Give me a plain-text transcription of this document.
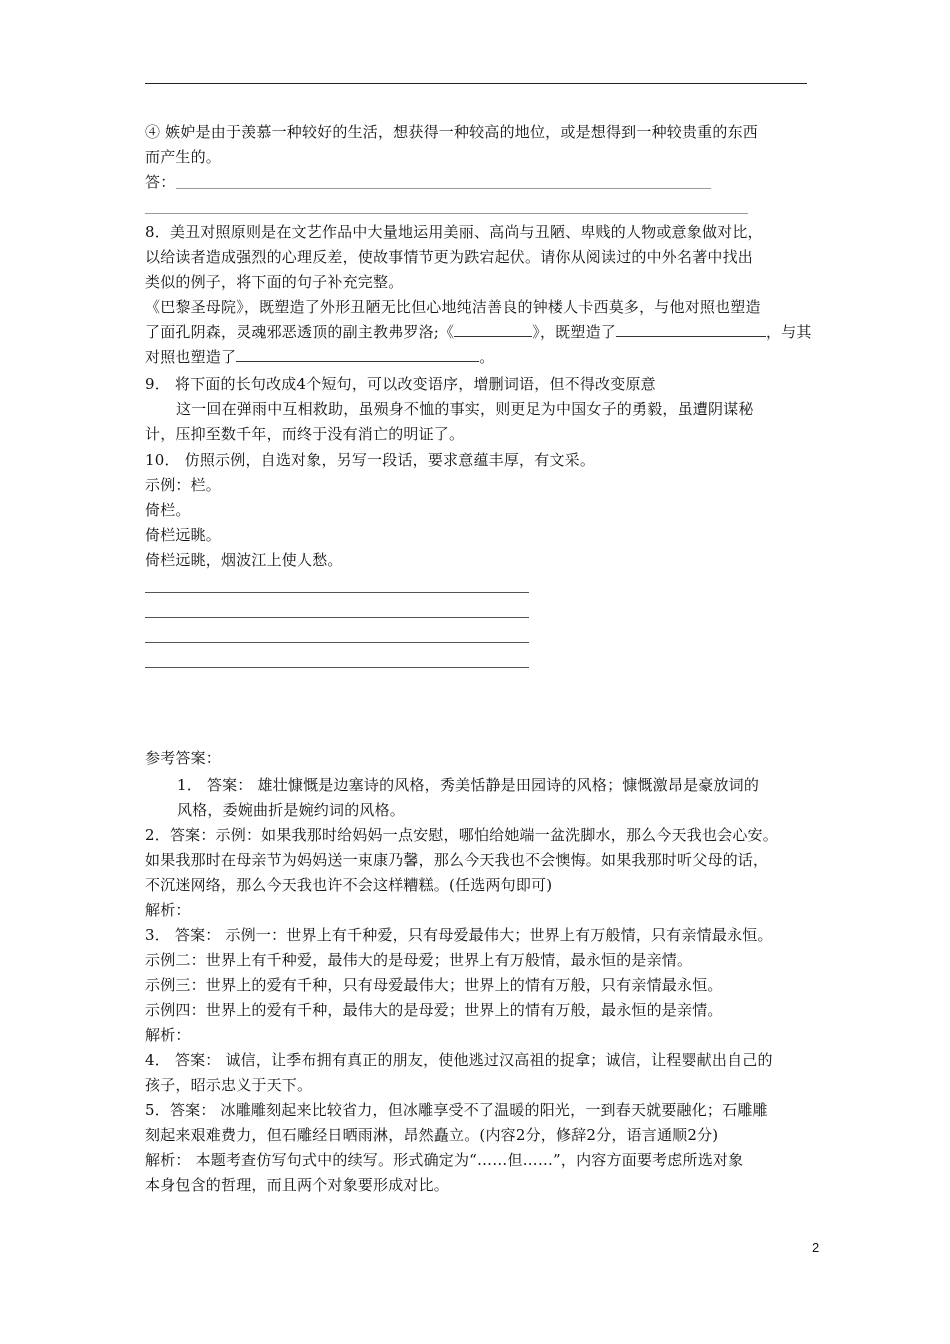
④ 嫉妒是由于羡慕一种较好的生活，想获得一种较高的地位，或是想得到一种较贵重的东西
而产生的。
答：
8．美丑对照原则是在文艺作品中大量地运用美丽、高尚与丑陋、卑贱的人物或意象做对比，
以给读者造成强烈的心理反差，使故事情节更为跌宕起伏。请你从阅读过的中外名著中找出
类似的例子，将下面的句子补充完整。
《巴黎圣母院》，既塑造了外形丑陋无比但心地纯洁善良的钟楼人卡西莫多，与他对照也塑造
了面孔阴森，灵魂邪恶透顶的副主教弗罗洛;《	》，既塑造了	，与其
对照也塑造了	。
9． 将下面的长句改成4个短句，可以改变语序，增删词语，但不得改变原意
这一回在弹雨中互相救助，虽殒身不恤的事实，则更足为中国女子的勇毅，虽遭阴谋秘
计，压抑至数千年，而终于没有消亡的明证了。
10． 仿照示例，自选对象，另写一段话，要求意蕴丰厚，有文采。
示例：栏。
倚栏。
倚栏远眺。
倚栏远眺，烟波江上使人愁。
参考答案：
1． 答案： 雄壮慷慨是边塞诗的风格，秀美恬静是田园诗的风格；慷慨激昂是豪放词的
风格，委婉曲折是婉约词的风格。
2．答案：示例：如果我那时给妈妈一点安慰，哪怕给她端一盆洗脚水，那么今天我也会心安。
如果我那时在母亲节为妈妈送一束康乃馨，那么今天我也不会懊悔。如果我那时听父母的话，
不沉迷网络，那么今天我也许不会这样糟糕。(任选两句即可)
解析：
3． 答案： 示例一：世界上有千种爱，只有母爱最伟大；世界上有万般情，只有亲情最永恒。
示例二：世界上有千种爱，最伟大的是母爱；世界上有万般情，最永恒的是亲情。
示例三：世界上的爱有千种，只有母爱最伟大；世界上的情有万般，只有亲情最永恒。
示例四：世界上的爱有千种，最伟大的是母爱；世界上的情有万般，最永恒的是亲情。
解析：
4． 答案： 诚信，让季布拥有真正的朋友，使他逃过汉高祖的捉拿；诚信，让程婴献出自己的
孩子，昭示忠义于天下。
5．答案： 冰雕雕刻起来比较省力，但冰雕享受不了温暖的阳光，一到春天就要融化；石雕雕
刻起来艰难费力，但石雕经日晒雨淋，昂然矗立。(内容2分，修辞2分，语言通顺2分)
解析： 本题考查仿写句式中的续写。形式确定为“……但……”，内容方面要考虑所选对象
本身包含的哲理，而且两个对象要形成对比。
2
